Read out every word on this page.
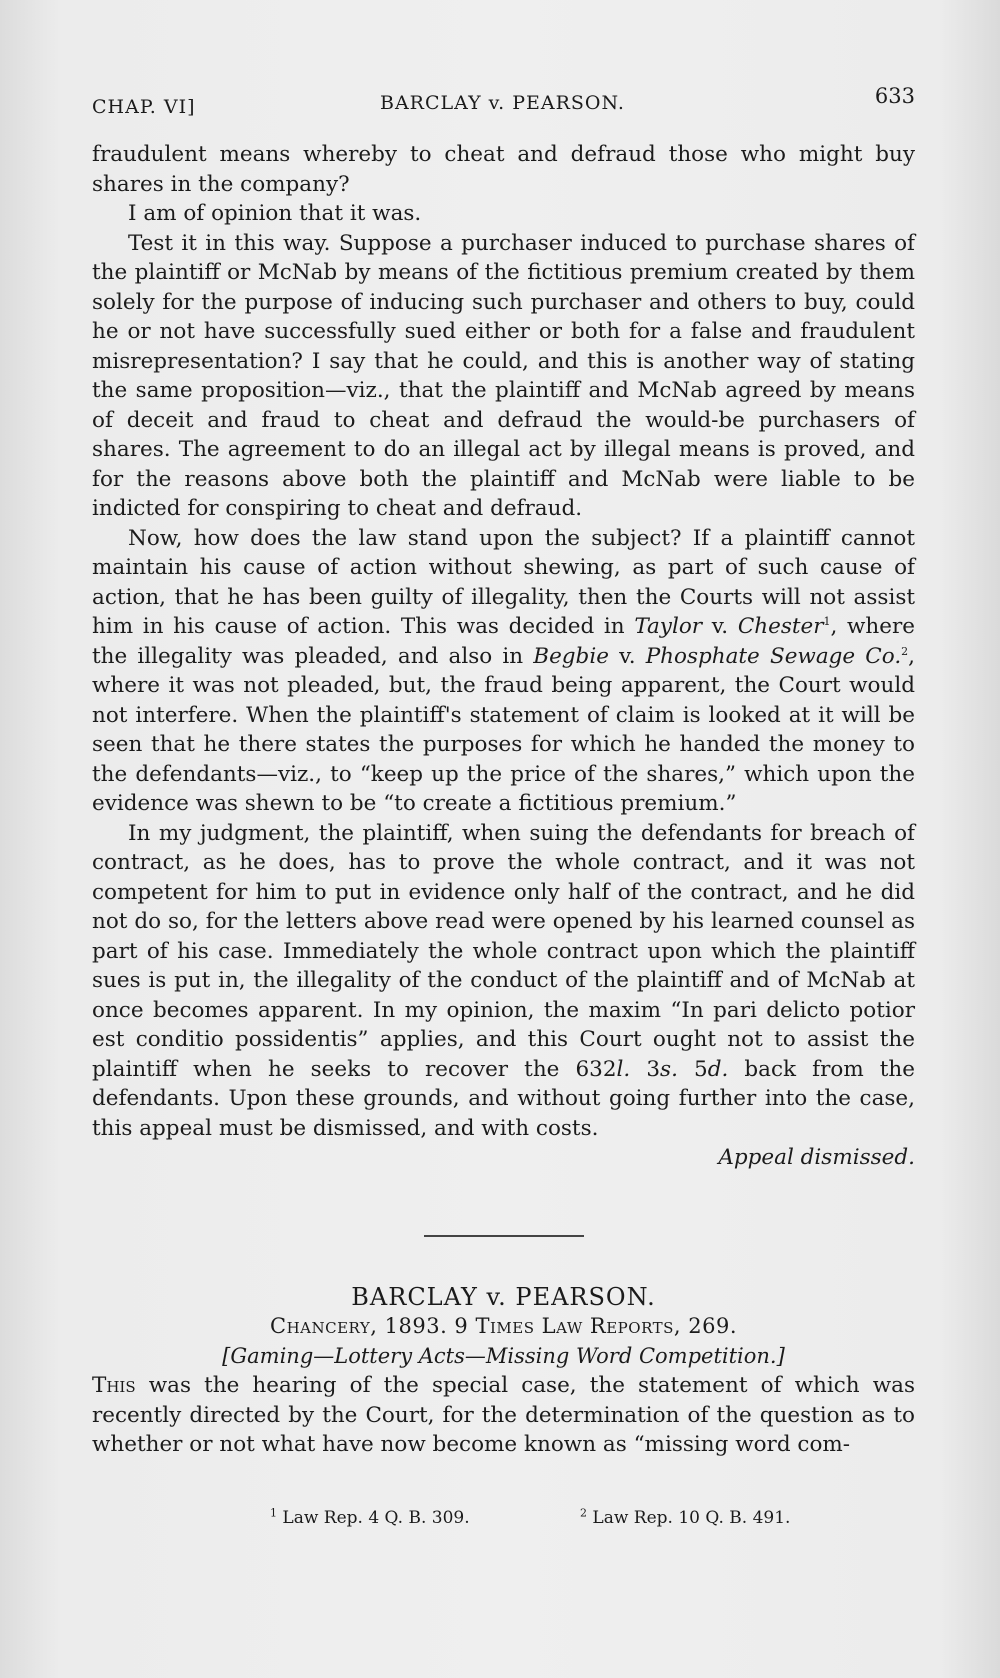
CHAP. VI]	BARCLAY v. PEARSON.	633

fraudulent means whereby to cheat and defraud those who might buy shares in the company?

I am of opinion that it was.

Test it in this way. Suppose a purchaser induced to purchase shares of the plaintiff or McNab by means of the fictitious premium created by them solely for the purpose of inducing such purchaser and others to buy, could he or not have successfully sued either or both for a false and fraudulent misrepresentation? I say that he could, and this is another way of stating the same proposition—viz., that the plaintiff and McNab agreed by means of deceit and fraud to cheat and defraud the would-be purchasers of shares. The agreement to do an illegal act by illegal means is proved, and for the reasons above both the plaintiff and McNab were liable to be indicted for conspiring to cheat and defraud.

Now, how does the law stand upon the subject? If a plaintiff cannot maintain his cause of action without shewing, as part of such cause of action, that he has been guilty of illegality, then the Courts will not assist him in his cause of action. This was decided in Taylor v. Chester$^1$, where the illegality was pleaded, and also in Begbie v. Phosphate Sewage Co.$^2$, where it was not pleaded, but, the fraud being apparent, the Court would not interfere. When the plaintiff's statement of claim is looked at it will be seen that he there states the purposes for which he handed the money to the defendants—viz., to “keep up the price of the shares,” which upon the evidence was shewn to be “to create a fictitious premium.”

In my judgment, the plaintiff, when suing the defendants for breach of contract, as he does, has to prove the whole contract, and it was not competent for him to put in evidence only half of the contract, and he did not do so, for the letters above read were opened by his learned counsel as part of his case. Immediately the whole contract upon which the plaintiff sues is put in, the illegality of the conduct of the plaintiff and of McNab at once becomes apparent. In my opinion, the maxim “In pari delicto potior est conditio possidentis” applies, and this Court ought not to assist the plaintiff when he seeks to recover the 632l. 3s. 5d. back from the defendants. Upon these grounds, and without going further into the case, this appeal must be dismissed, and with costs.

Appeal dismissed.

BARCLAY v. PEARSON.

Chancery, 1893. 9 Times Law Reports, 269.

[Gaming—Lottery Acts—Missing Word Competition.]

This was the hearing of the special case, the statement of which was recently directed by the Court, for the determination of the question as to whether or not what have now become known as “missing word com-

$^1$ Law Rep. 4 Q. B. 309.	$^2$ Law Rep. 10 Q. B. 491.
